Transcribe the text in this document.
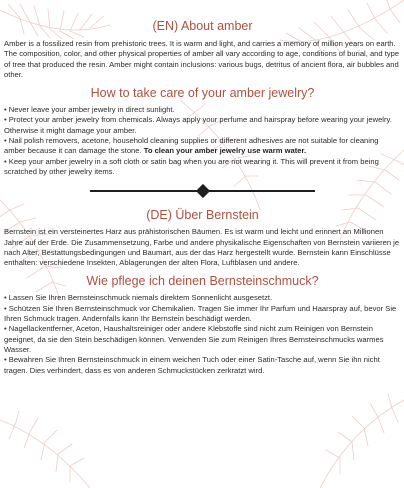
(EN) About amber

Amber is a fossilized resin from prehistoric trees. It is warm and light, and carries a memory of million years on earth. The composition, color, and other physical properties of amber all vary according to age, conditions of burial, and type of tree that produced the resin. Amber might contain inclusions: various bugs, detritus of ancient flora, air bubbles and other.

How to take care of your amber jewelry?

• Never leave your amber jewelry in direct sunlight.

• Protect your amber jewelry from chemicals. Always apply your perfume and hairspray before wearing your jewelry. Otherwise it might damage your amber.

• Nail polish removers, acetone, household cleaning supplies or different adhesives are not suitable for cleaning amber because it can damage the stone. To clean your amber jewelry use warm water.

• Keep your amber jewelry in a soft cloth or satin bag when you are not wearing it. This will prevent it from being scratched by other jewelry items.

(DE) Über Bernstein

Bernstein ist ein versteinertes Harz aus prähistorischen Bäumen. Es ist warm und leicht und erinnert an Millionen Jahre auf der Erde. Die Zusammensetzung, Farbe und andere physikalische Eigenschaften von Bernstein variieren je nach Alter, Bestattungsbedingungen und Baumart, aus der das Harz hergestellt wurde. Bernstein kann Einschlüsse enthalten: verschiedene Insekten, Ablagerungen der alten Flora, Luftblasen und andere.

Wie pflege ich deinen Bernsteinschmuck?

• Lassen Sie Ihren Bernsteinschmuck niemals direktem Sonnenlicht ausgesetzt.

• Schützen Sie Ihren Bernsteinschmuck vor Chemikalien. Tragen Sie immer Ihr Parfum und Haarspray auf, bevor Sie Ihren Schmuck tragen. Andernfalls kann Ihr Bernstein beschädigt werden.

• Nagellackentferner, Aceton, Haushaltsreiniger oder andere Klebstoffe sind nicht zum Reinigen von Bernstein geeignet, da sie den Stein beschädigen können. Verwenden Sie zum Reinigen Ihres Bernsteinschmucks warmes Wasser.

• Bewahren Sie Ihren Bernsteinschmuck in einem weichen Tuch oder einer Satin-Tasche auf, wenn Sie ihn nicht tragen. Dies verhindert, dass es von anderen Schmuckstücken zerkratzt wird.
